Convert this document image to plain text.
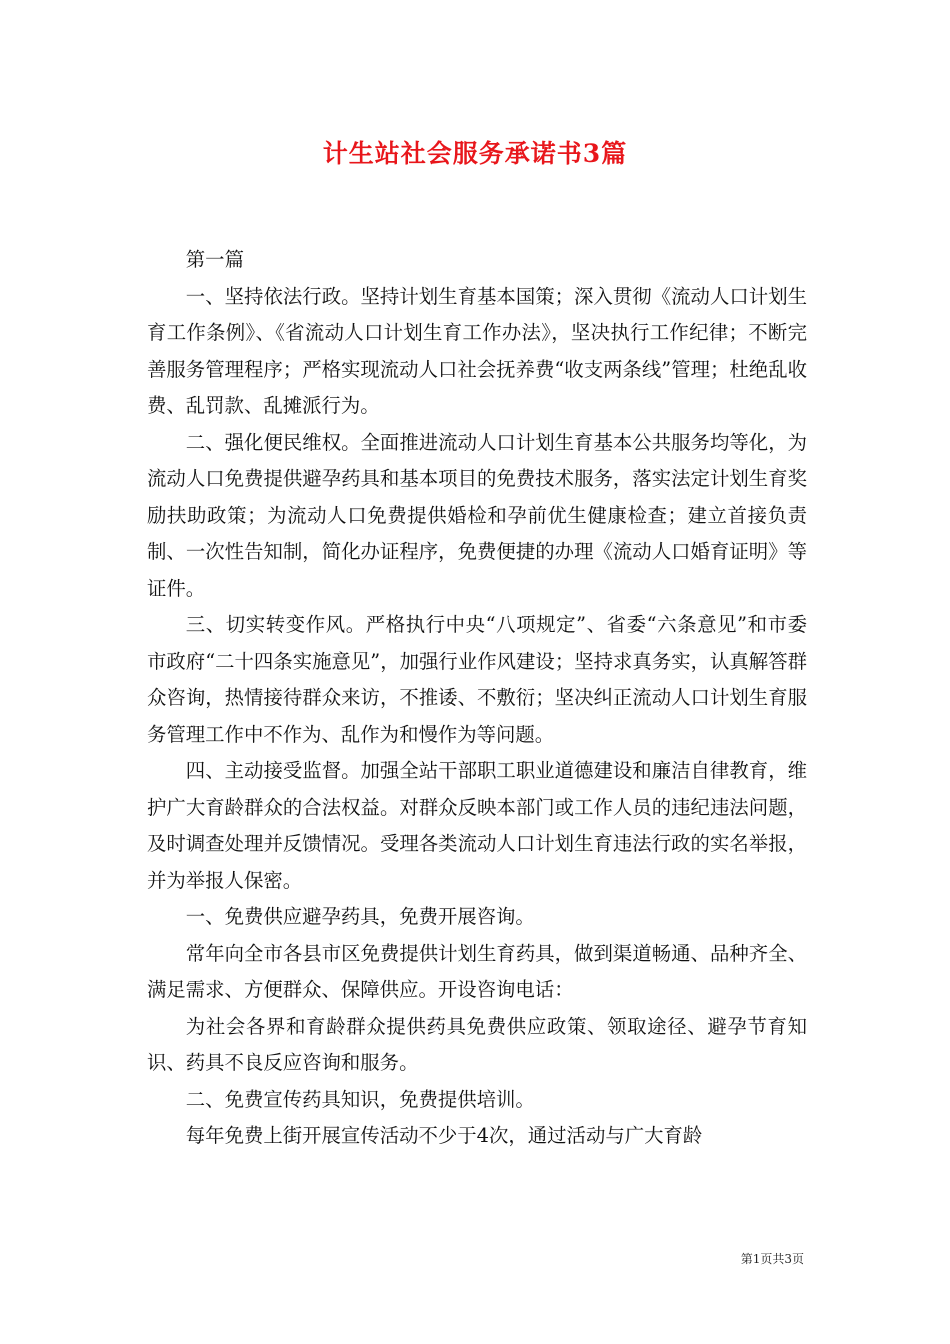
计生站社会服务承诺书3篇

第一篇

一、坚持依法行政。坚持计划生育基本国策；深入贯彻《流动人口计划生育工作条例》、《省流动人口计划生育工作办法》，坚决执行工作纪律；不断完善服务管理程序；严格实现流动人口社会抚养费“收支两条线”管理；杜绝乱收费、乱罚款、乱摊派行为。

二、强化便民维权。全面推进流动人口计划生育基本公共服务均等化，为流动人口免费提供避孕药具和基本项目的免费技术服务，落实法定计划生育奖励扶助政策；为流动人口免费提供婚检和孕前优生健康检查；建立首接负责制、一次性告知制，简化办证程序，免费便捷的办理《流动人口婚育证明》等证件。

三、切实转变作风。严格执行中央“八项规定”、省委“六条意见”和市委市政府“二十四条实施意见”，加强行业作风建设；坚持求真务实，认真解答群众咨询，热情接待群众来访，不推诿、不敷衍；坚决纠正流动人口计划生育服务管理工作中不作为、乱作为和慢作为等问题。

四、主动接受监督。加强全站干部职工职业道德建设和廉洁自律教育，维护广大育龄群众的合法权益。对群众反映本部门或工作人员的违纪违法问题，及时调查处理并反馈情况。受理各类流动人口计划生育违法行政的实名举报，并为举报人保密。

一、免费供应避孕药具，免费开展咨询。

常年向全市各县市区免费提供计划生育药具，做到渠道畅通、品种齐全、满足需求、方便群众、保障供应。开设咨询电话：

为社会各界和育龄群众提供药具免费供应政策、领取途径、避孕节育知识、药具不良反应咨询和服务。

二、免费宣传药具知识，免费提供培训。

每年免费上街开展宣传活动不少于4次，通过活动与广大育龄

第1页共3页
